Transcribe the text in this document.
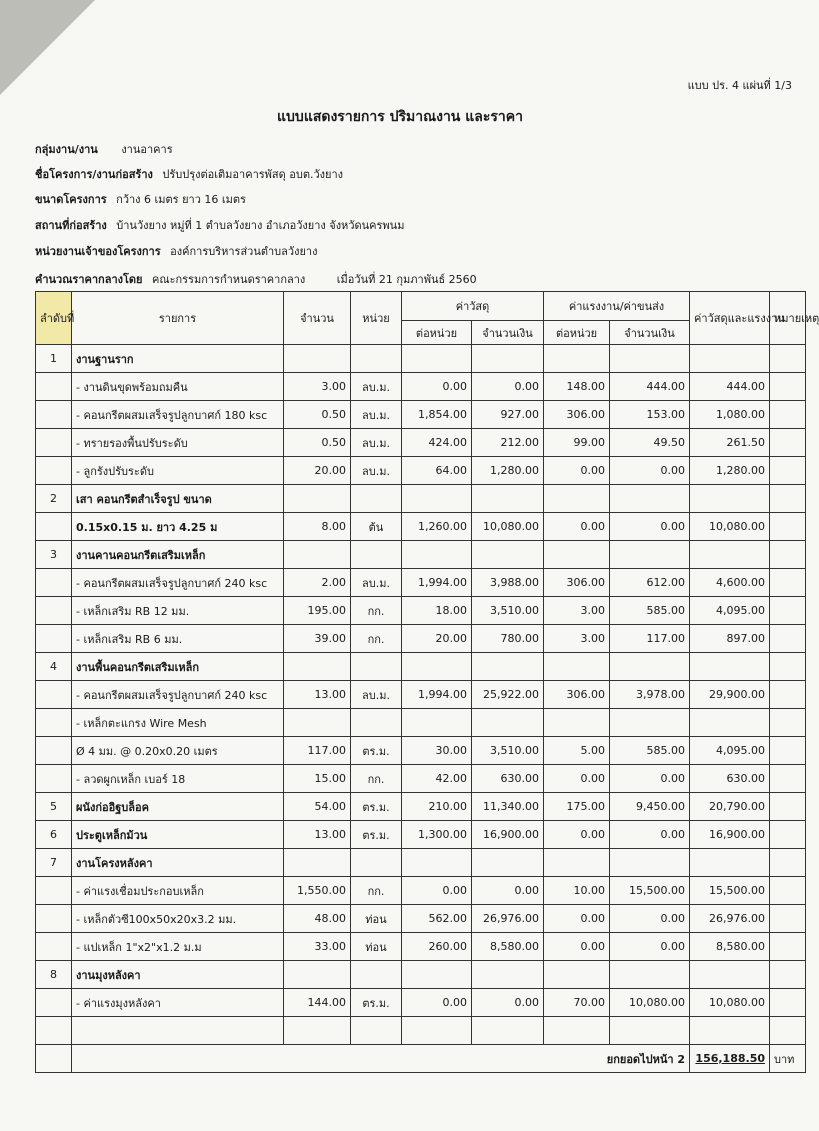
แบบ ปร. 4 แผ่นที่ 1/3
แบบแสดงรายการ ปริมาณงาน และราคา
กลุ่มงาน/งาน งานอาคาร
ชื่อโครงการ/งานก่อสร้าง ปรับปรุงต่อเติมอาคารพัสดุ อบต.วังยาง
ขนาดโครงการ กว้าง 6 เมตร ยาว 16 เมตร
สถานที่ก่อสร้าง บ้านวังยาง หมู่ที่ 1 ตำบลวังยาง อำเภอวังยาง จังหวัดนครพนม
หน่วยงานเจ้าของโครงการ องค์การบริหารส่วนตำบลวังยาง
คำนวณราคากลางโดย คณะกรรมการกำหนดราคากลาง	เมื่อวันที่ 21 กุมภาพันธ์ 2560
ลำดับที่	รายการ	จำนวน	หน่วย	ค่าวัสดุ		ค่าแรงงาน/ค่าขนส่ง		ค่าวัสดุและแรงงาน	หมายเหตุ
				ต่อหน่วย	จำนวนเงิน	ต่อหน่วย	จำนวนเงิน		
1	งานฐานราก								
	- งานดินขุดพร้อมถมคืน	3.00	ลบ.ม.	0.00	0.00	148.00	444.00	444.00	
	- คอนกรีตผสมเสร็จรูปลูกบาศก์ 180 ksc	0.50	ลบ.ม.	1,854.00	927.00	306.00	153.00	1,080.00	
	- ทรายรองพื้นปรับระดับ	0.50	ลบ.ม.	424.00	212.00	99.00	49.50	261.50	
	- ลูกรังปรับระดับ	20.00	ลบ.ม.	64.00	1,280.00	0.00	0.00	1,280.00	
2	เสา คอนกรีตสำเร็จรูป ขนาด								
	0.15x0.15 ม. ยาว 4.25 ม	8.00	ต้น	1,260.00	10,080.00	0.00	0.00	10,080.00	
3	งานคานคอนกรีตเสริมเหล็ก								
	- คอนกรีตผสมเสร็จรูปลูกบาศก์ 240 ksc	2.00	ลบ.ม.	1,994.00	3,988.00	306.00	612.00	4,600.00	
	- เหล็กเสริม RB 12 มม.	195.00	กก.	18.00	3,510.00	3.00	585.00	4,095.00	
	- เหล็กเสริม RB 6 มม.	39.00	กก.	20.00	780.00	3.00	117.00	897.00	
4	งานพื้นคอนกรีตเสริมเหล็ก								
	- คอนกรีตผสมเสร็จรูปลูกบาศก์ 240 ksc	13.00	ลบ.ม.	1,994.00	25,922.00	306.00	3,978.00	29,900.00	
	- เหล็กตะแกรง Wire Mesh								
	Ø 4 มม. @ 0.20x0.20 เมตร	117.00	ตร.ม.	30.00	3,510.00	5.00	585.00	4,095.00	
	- ลวดผูกเหล็ก เบอร์ 18	15.00	กก.	42.00	630.00	0.00	0.00	630.00	
5	ผนังก่ออิฐบล็อค	54.00	ตร.ม.	210.00	11,340.00	175.00	9,450.00	20,790.00	
6	ประตูเหล็กม้วน	13.00	ตร.ม.	1,300.00	16,900.00	0.00	0.00	16,900.00	
7	งานโครงหลังคา								
	- ค่าแรงเชื่อมประกอบเหล็ก	1,550.00	กก.	0.00	0.00	10.00	15,500.00	15,500.00	
	- เหล็กตัวซี100x50x20x3.2 มม.	48.00	ท่อน	562.00	26,976.00	0.00	0.00	26,976.00	
	- แปเหล็ก 1"x2"x1.2 ม.ม	33.00	ท่อน	260.00	8,580.00	0.00	0.00	8,580.00	
8	งานมุงหลังคา								
	- ค่าแรงมุงหลังคา	144.00	ตร.ม.	0.00	0.00	70.00	10,080.00	10,080.00	

	ยกยอดไปหน้า 2							156,188.50	บาท
